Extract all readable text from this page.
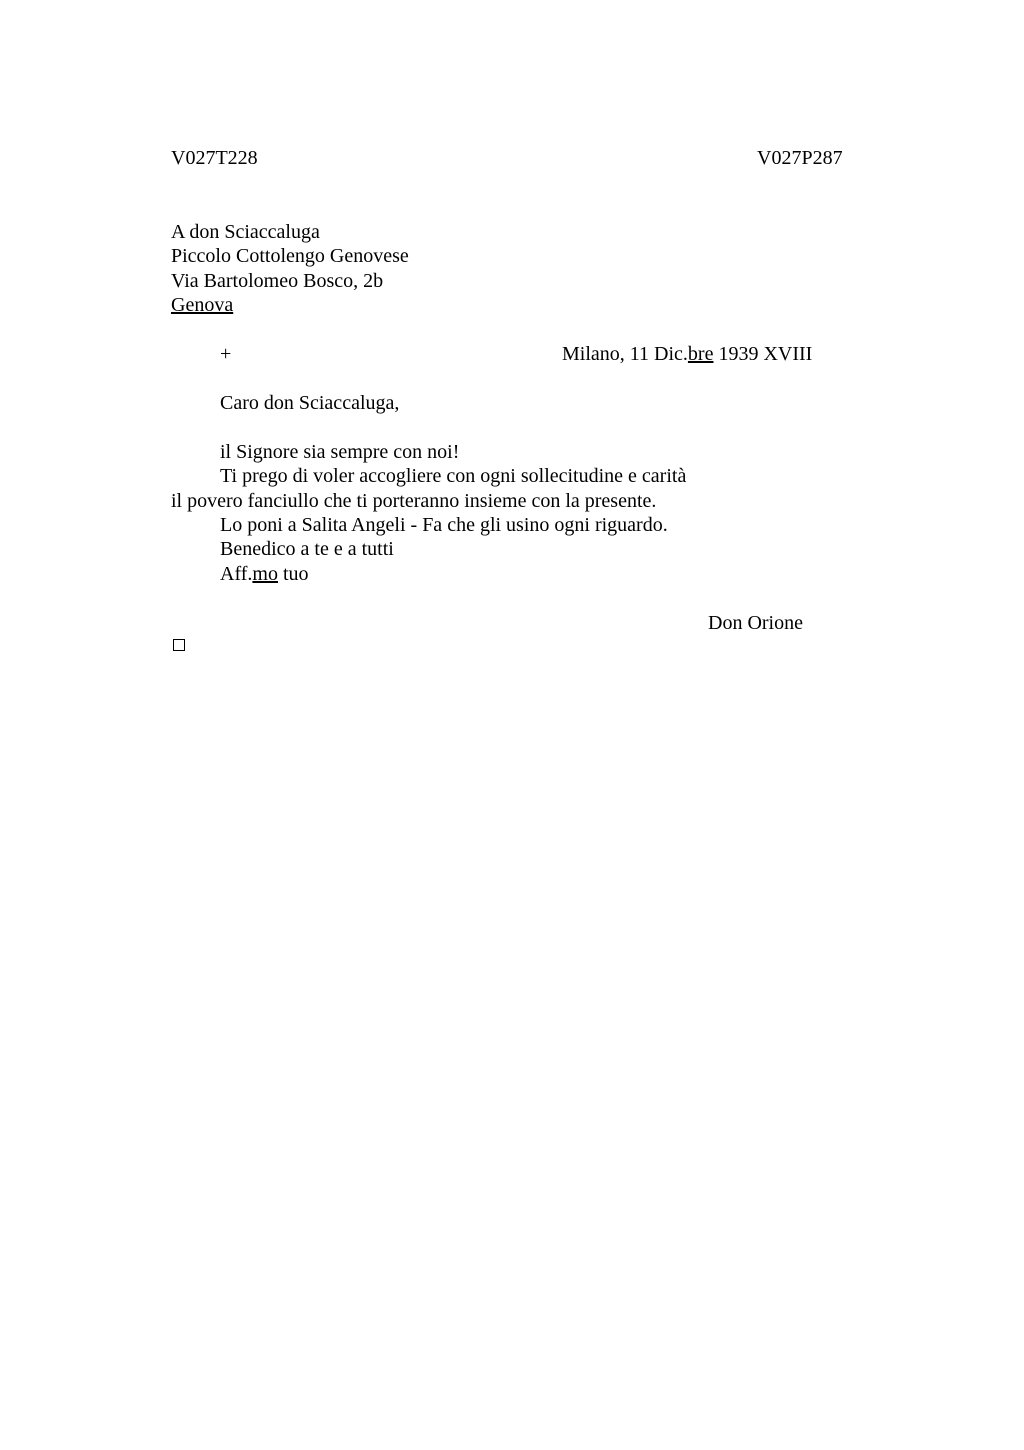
V027T228	V027P287
A don Sciaccaluga
Piccolo Cottolengo Genovese
Via Bartolomeo Bosco, 2b
Genova
+	Milano, 11 Dic.bre 1939 XVIII
Caro don Sciaccaluga,
il Signore sia sempre con noi!
Ti prego di voler accogliere con ogni sollecitudine e carità
il povero fanciullo che ti porteranno insieme con la presente.
Lo poni a Salita Angeli - Fa che gli usino ogni riguardo.
Benedico a te e a tutti
Aff.mo tuo
Don Orione
